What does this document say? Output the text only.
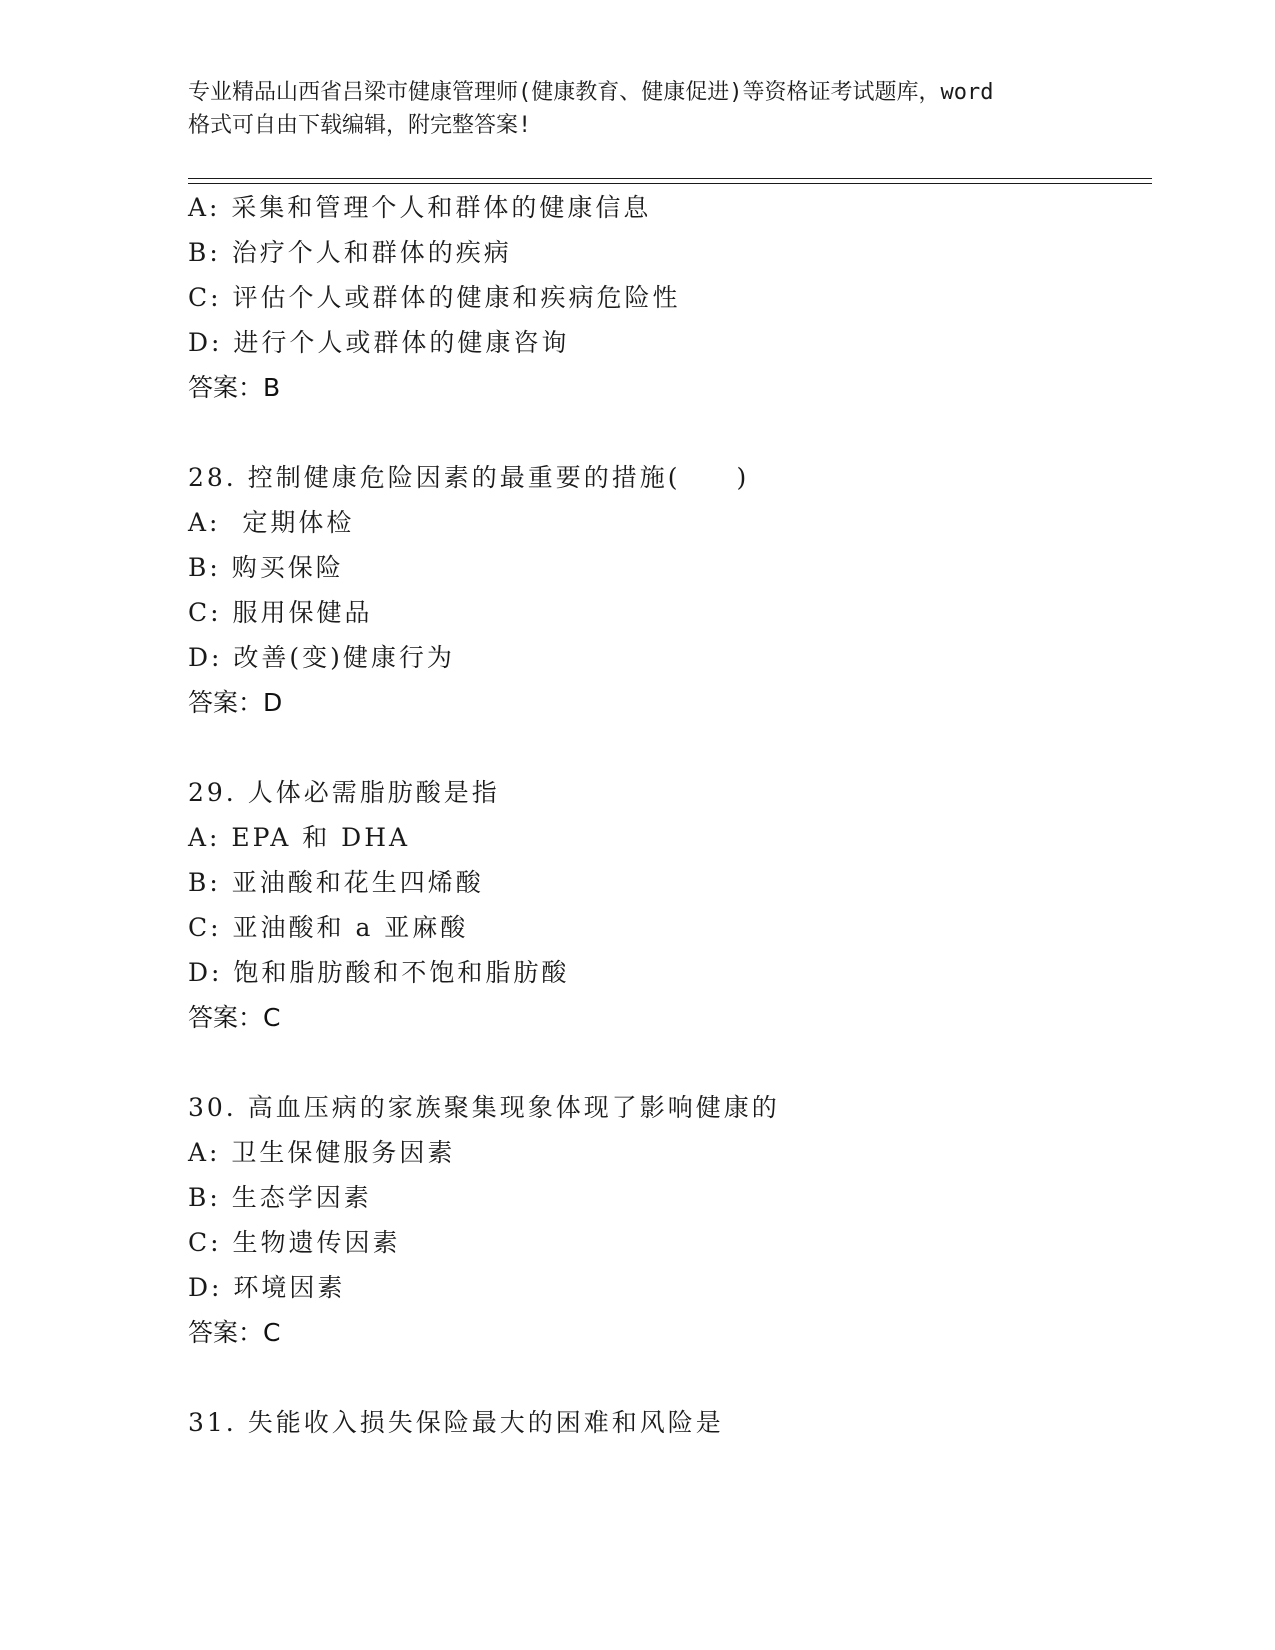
专业精品山西省吕梁市健康管理师(健康教育、健康促进)等资格证考试题库，word
格式可自由下载编辑，附完整答案!
A: 采集和管理个人和群体的健康信息
B: 治疗个人和群体的疾病
C: 评估个人或群体的健康和疾病危险性
D: 进行个人或群体的健康咨询
答案：B
28. 控制健康危险因素的最重要的措施(　　)
A:  定期体检
B: 购买保险
C: 服用保健品
D: 改善(变)健康行为
答案：D
29. 人体必需脂肪酸是指
A: EPA 和 DHA
B: 亚油酸和花生四烯酸
C: 亚油酸和 a 亚麻酸
D: 饱和脂肪酸和不饱和脂肪酸
答案：C
30. 高血压病的家族聚集现象体现了影响健康的
A: 卫生保健服务因素
B: 生态学因素
C: 生物遗传因素
D: 环境因素
答案：C
31. 失能收入损失保险最大的困难和风险是
